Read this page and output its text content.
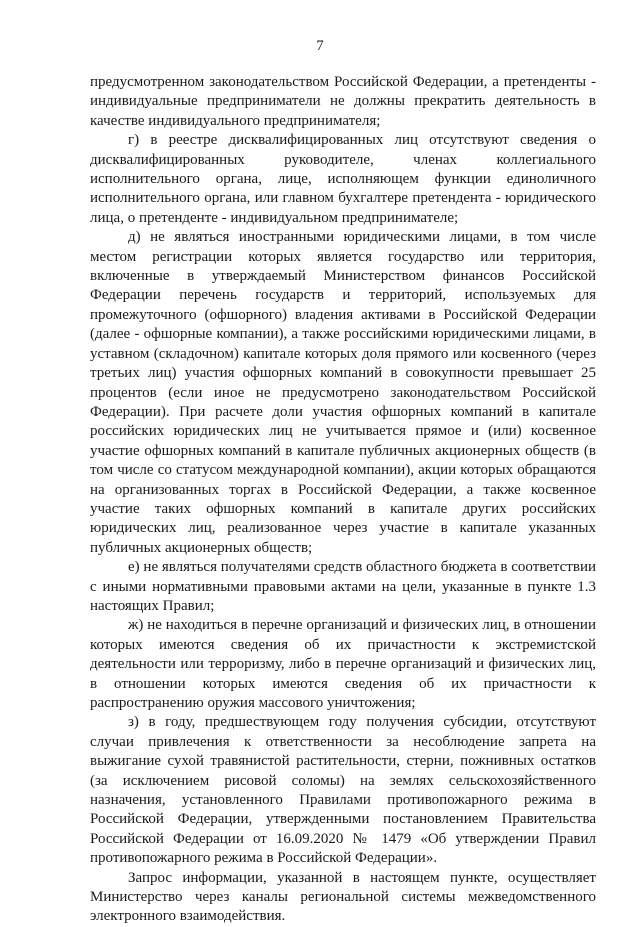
7

предусмотренном законодательством Российской Федерации, а претенденты - индивидуальные предприниматели не должны прекратить деятельность в качестве индивидуального предпринимателя;

г) в реестре дисквалифицированных лиц отсутствуют сведения о дисквалифицированных руководителе, членах коллегиального исполнительного органа, лице, исполняющем функции единоличного исполнительного органа, или главном бухгалтере претендента - юридического лица, о претенденте - индивидуальном предпринимателе;

д) не являться иностранными юридическими лицами, в том числе местом регистрации которых является государство или территория, включенные в утверждаемый Министерством финансов Российской Федерации перечень государств и территорий, используемых для промежуточного (офшорного) владения активами в Российской Федерации (далее - офшорные компании), а также российскими юридическими лицами, в уставном (складочном) капитале которых доля прямого или косвенного (через третьих лиц) участия офшорных компаний в совокупности превышает 25 процентов (если иное не предусмотрено законодательством Российской Федерации). При расчете доли участия офшорных компаний в капитале российских юридических лиц не учитывается прямое и (или) косвенное участие офшорных компаний в капитале публичных акционерных обществ (в том числе со статусом международной компании), акции которых обращаются на организованных торгах в Российской Федерации, а также косвенное участие таких офшорных компаний в капитале других российских юридических лиц, реализованное через участие в капитале указанных публичных акционерных обществ;

е) не являться получателями средств областного бюджета в соответствии с иными нормативными правовыми актами на цели, указанные в пункте 1.3 настоящих Правил;

ж) не находиться в перечне организаций и физических лиц, в отношении которых имеются сведения об их причастности к экстремистской деятельности или терроризму, либо в перечне организаций и физических лиц, в отношении которых имеются сведения об их причастности к распространению оружия массового уничтожения;

з) в году, предшествующем году получения субсидии, отсутствуют случаи привлечения к ответственности за несоблюдение запрета на выжигание сухой травянистой растительности, стерни, пожнивных остатков (за исключением рисовой соломы) на землях сельскохозяйственного назначения, установленного Правилами противопожарного режима в Российской Федерации, утвержденными постановлением Правительства Российской Федерации от 16.09.2020 № 1479 «Об утверждении Правил противопожарного режима в Российской Федерации».

Запрос информации, указанной в настоящем пункте, осуществляет Министерство через каналы региональной системы межведомственного электронного взаимодействия.
